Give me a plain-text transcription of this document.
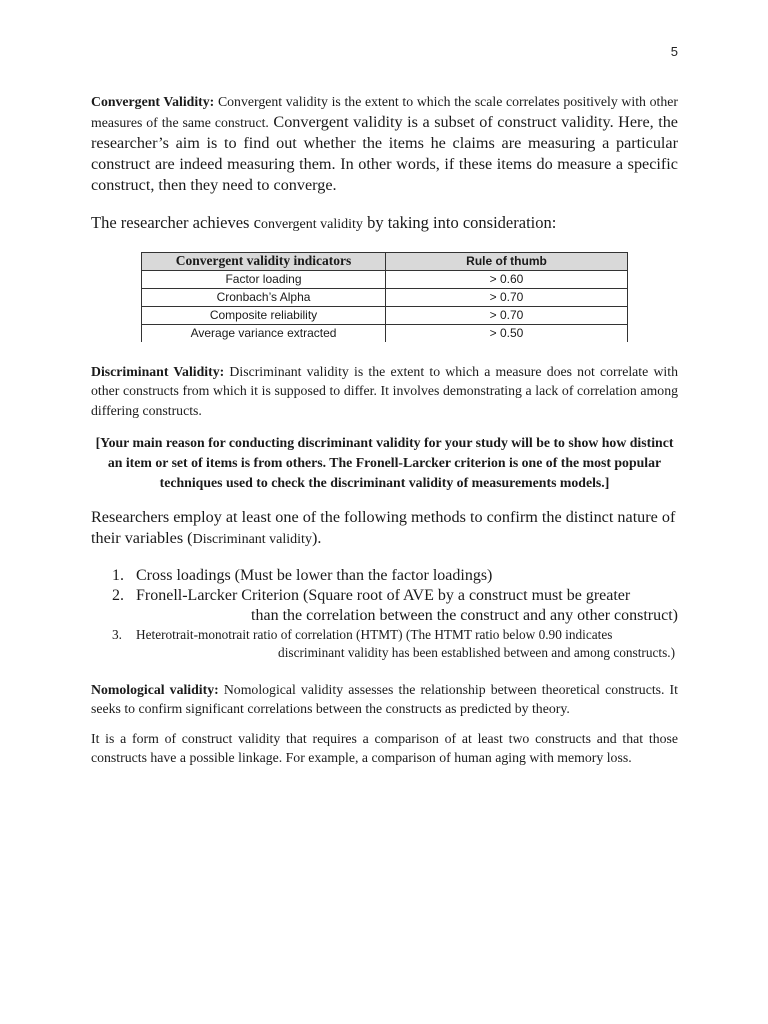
5

Convergent Validity: Convergent validity is the extent to which the scale correlates positively with other measures of the same construct. Convergent validity is a subset of construct validity. Here, the researcher’s aim is to find out whether the items he claims are measuring a particular construct are indeed measuring them. In other words, if these items do measure a specific construct, then they need to converge.

The researcher achieves convergent validity by taking into consideration:

Convergent validity indicators	Rule of thumb
Factor loading	> 0.60
Cronbach’s Alpha	> 0.70
Composite reliability	> 0.70
Average variance extracted	> 0.50

Discriminant Validity: Discriminant validity is the extent to which a measure does not correlate with other constructs from which it is supposed to differ. It involves demonstrating a lack of correlation among differing constructs.

[Your main reason for conducting discriminant validity for your study will be to show how distinct an item or set of items is from others. The Fronell-Larcker criterion is one of the most popular techniques used to check the discriminant validity of measurements models.]

Researchers employ at least one of the following methods to confirm the distinct nature of their variables (Discriminant validity).

1. Cross loadings (Must be lower than the factor loadings)
2. Fronell-Larcker Criterion (Square root of AVE by a construct must be greater
than the correlation between the construct and any other construct)
3.	Heterotrait-monotrait ratio of correlation (HTMT) (The HTMT ratio below 0.90 indicates
discriminant validity has been established between and among constructs.)

Nomological validity: Nomological validity assesses the relationship between theoretical constructs. It seeks to confirm significant correlations between the constructs as predicted by theory.

It is a form of construct validity that requires a comparison of at least two constructs and that those constructs have a possible linkage. For example, a comparison of human aging with memory loss.
